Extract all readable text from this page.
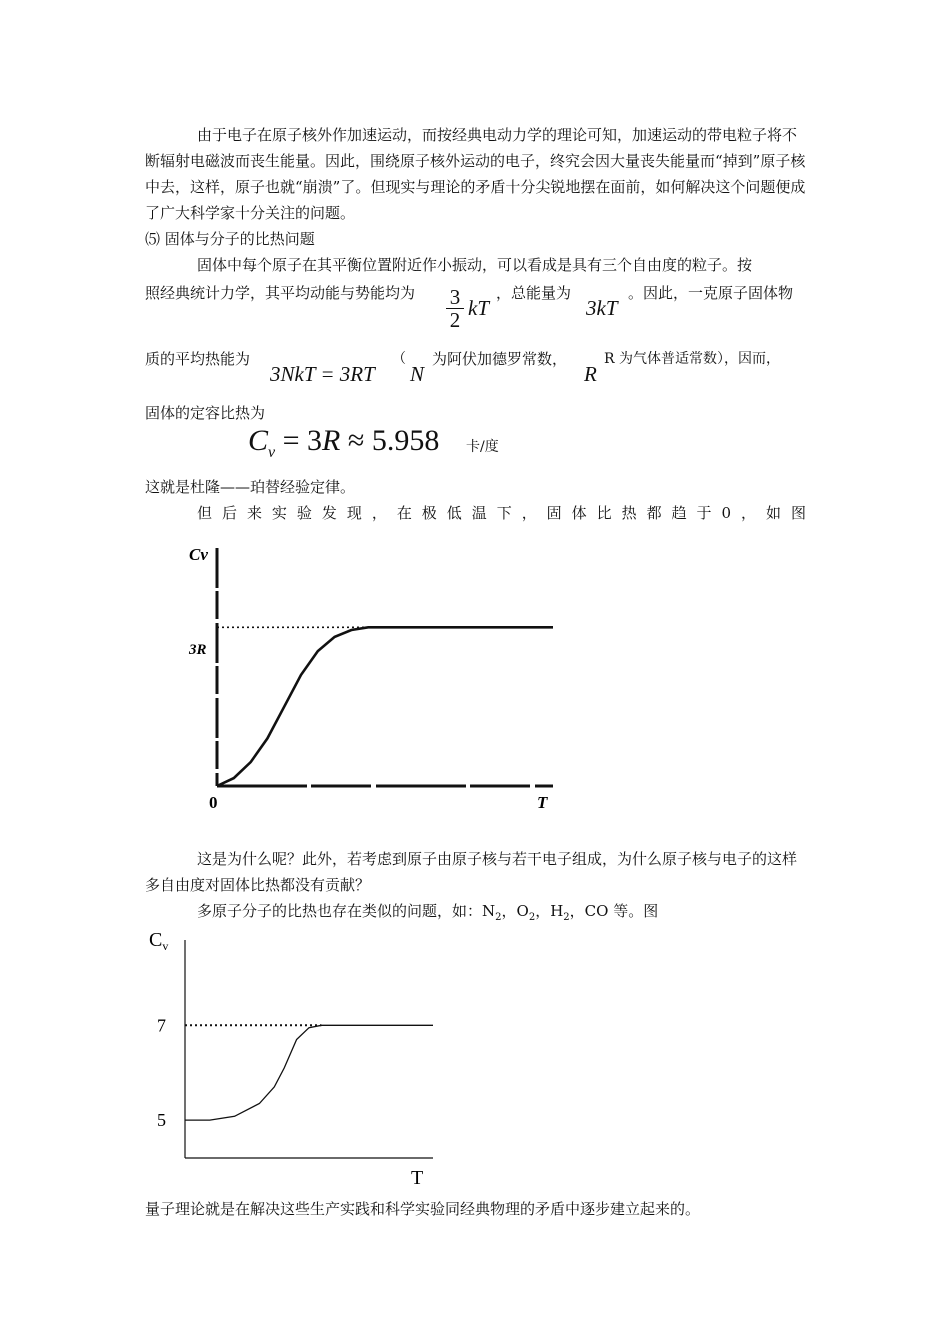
由于电子在原子核外作加速运动，而按经典电动力学的理论可知，加速运动的带电粒子将不断辐射电磁波而丧生能量。因此，围绕原子核外运动的电子，终究会因大量丧失能量而“掉到”原子核中去，这样，原子也就“崩溃”了。但现实与理论的矛盾十分尖锐地摆在面前，如何解决这个问题便成了广大科学家十分关注的问题。

⑸ 固体与分子的比热问题

固体中每个原子在其平衡位置附近作小振动，可以看成是具有三个自由度的粒子。按

照经典统计力学，其平均动能与势能均为 3
2 kT
，总能量为
3kT
。因此，一克原子固体物
质的平均热能为
3NkT = 3RT
（
N
为阿伏加德罗常数，
R
R 为气体普适常数），因而，
固体的定容比热为
$C_v = 3R \approx 5.958$ 卡/度

这就是杜隆——珀替经验定律。

但后来实验发现，在极低温下，固体比热都趋于0，如图

Cv
3R
0	T

这是为什么呢？此外，若考虑到原子由原子核与若干电子组成，为什么原子核与电子的这样多自由度对固体比热都没有贡献？

多原子分子的比热也存在类似的问题，如：$N_2$，$O_2$，$H_2$，CO 等。图

5
7
$C_v$
T

量子理论就是在解决这些生产实践和科学实验同经典物理的矛盾中逐步建立起来的。
